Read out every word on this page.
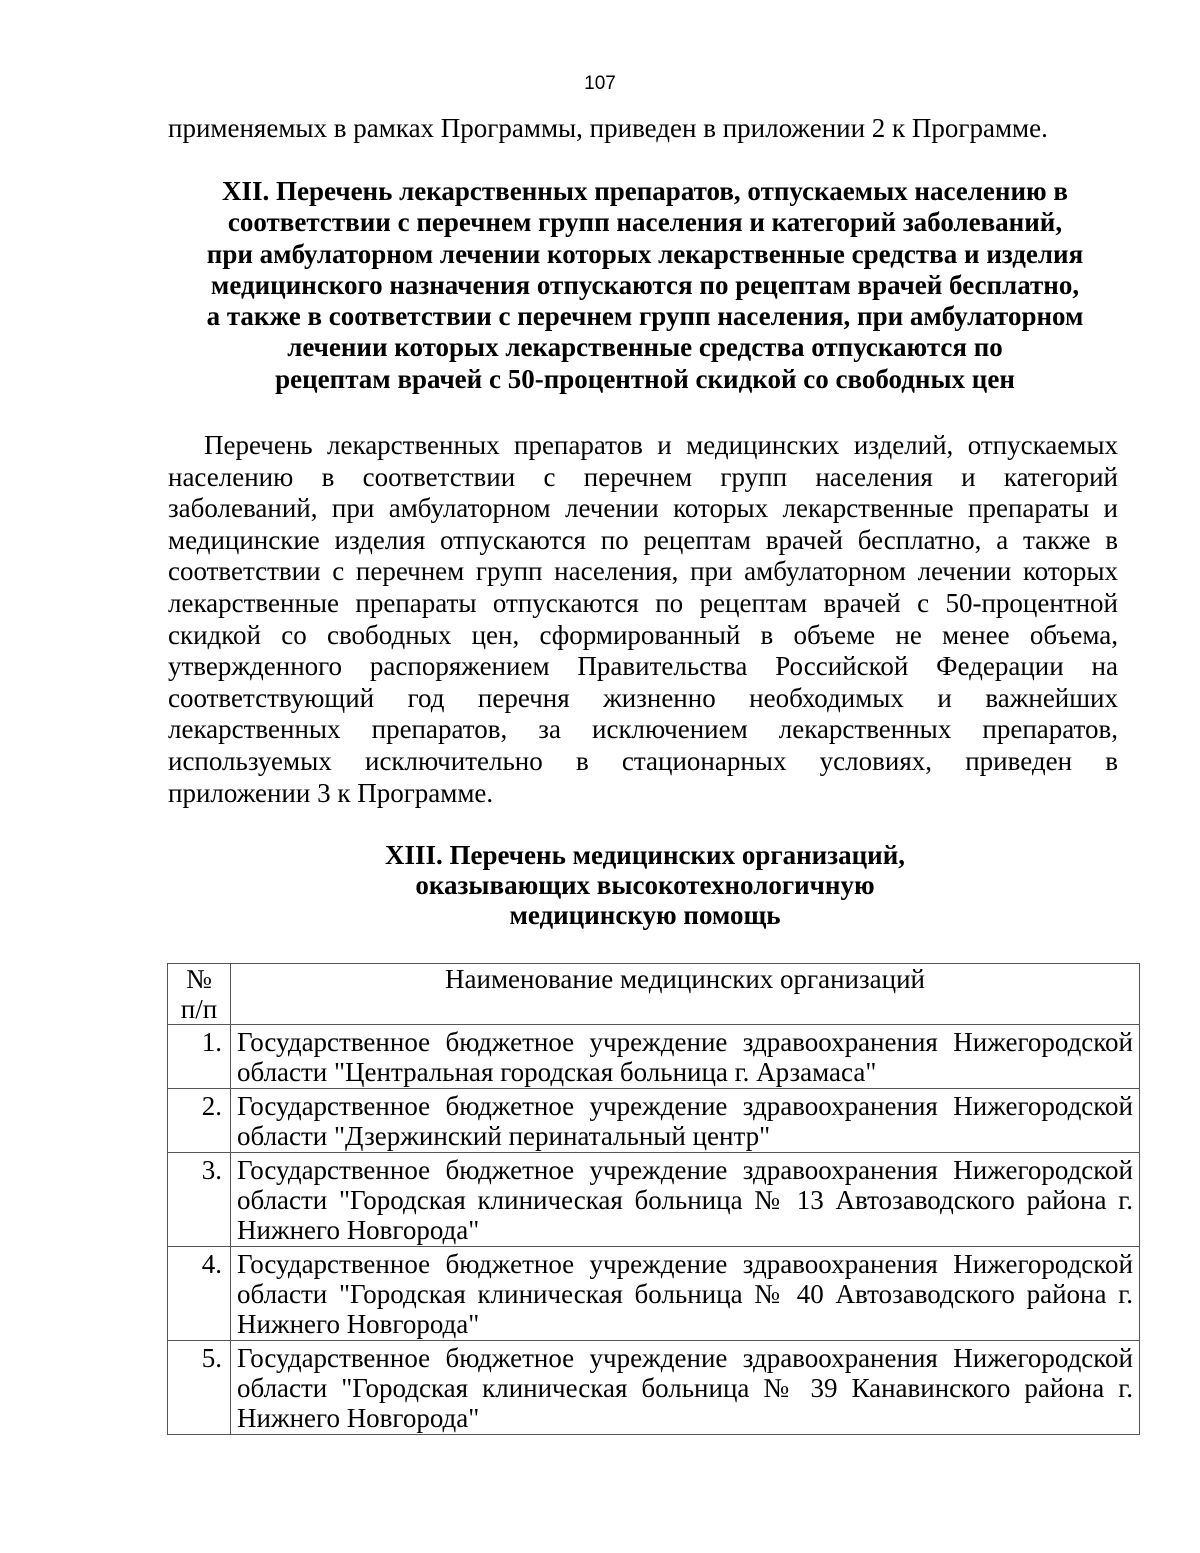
107
применяемых в рамках Программы, приведен в приложении 2 к Программе.
XII. Перечень лекарственных препаратов, отпускаемых населению в
соответствии с перечнем групп населения и категорий заболеваний,
при амбулаторном лечении которых лекарственные средства и изделия
медицинского назначения отпускаются по рецептам врачей бесплатно,
а также в соответствии с перечнем групп населения, при амбулаторном
лечении которых лекарственные средства отпускаются по
рецептам врачей с 50-процентной скидкой со свободных цен
Перечень лекарственных препаратов и медицинских изделий, отпускаемых
населению в соответствии с перечнем групп населения и категорий
заболеваний, при амбулаторном лечении которых лекарственные препараты и
медицинские изделия отпускаются по рецептам врачей бесплатно, а также в
соответствии с перечнем групп населения, при амбулаторном лечении которых
лекарственные препараты отпускаются по рецептам врачей с 50-процентной
скидкой со свободных цен, сформированный в объеме не менее объема,
утвержденного распоряжением Правительства Российской Федерации на
соответствующий год перечня жизненно необходимых и важнейших
лекарственных препаратов, за исключением лекарственных препаратов,
используемых исключительно в стационарных условиях, приведен в
приложении 3 к Программе.
XIII. Перечень медицинских организаций,
оказывающих высокотехнологичную
медицинскую помощь
№
п/п	Наименование медицинских организаций
1.	Государственное бюджетное учреждение здравоохранения Нижегородской
области "Центральная городская больница г. Арзамаса"

2.	Государственное бюджетное учреждение здравоохранения Нижегородской
области "Дзержинский перинатальный центр"

3.	Государственное бюджетное учреждение здравоохранения Нижегородской
области "Городская клиническая больница № 13 Автозаводского района г.
Нижнего Новгорода"

4.	Государственное бюджетное учреждение здравоохранения Нижегородской
области "Городская клиническая больница № 40 Автозаводского района г.
Нижнего Новгорода"

5.	Государственное бюджетное учреждение здравоохранения Нижегородской
области "Городская клиническая больница № 39 Канавинского района г.
Нижнего Новгорода"
